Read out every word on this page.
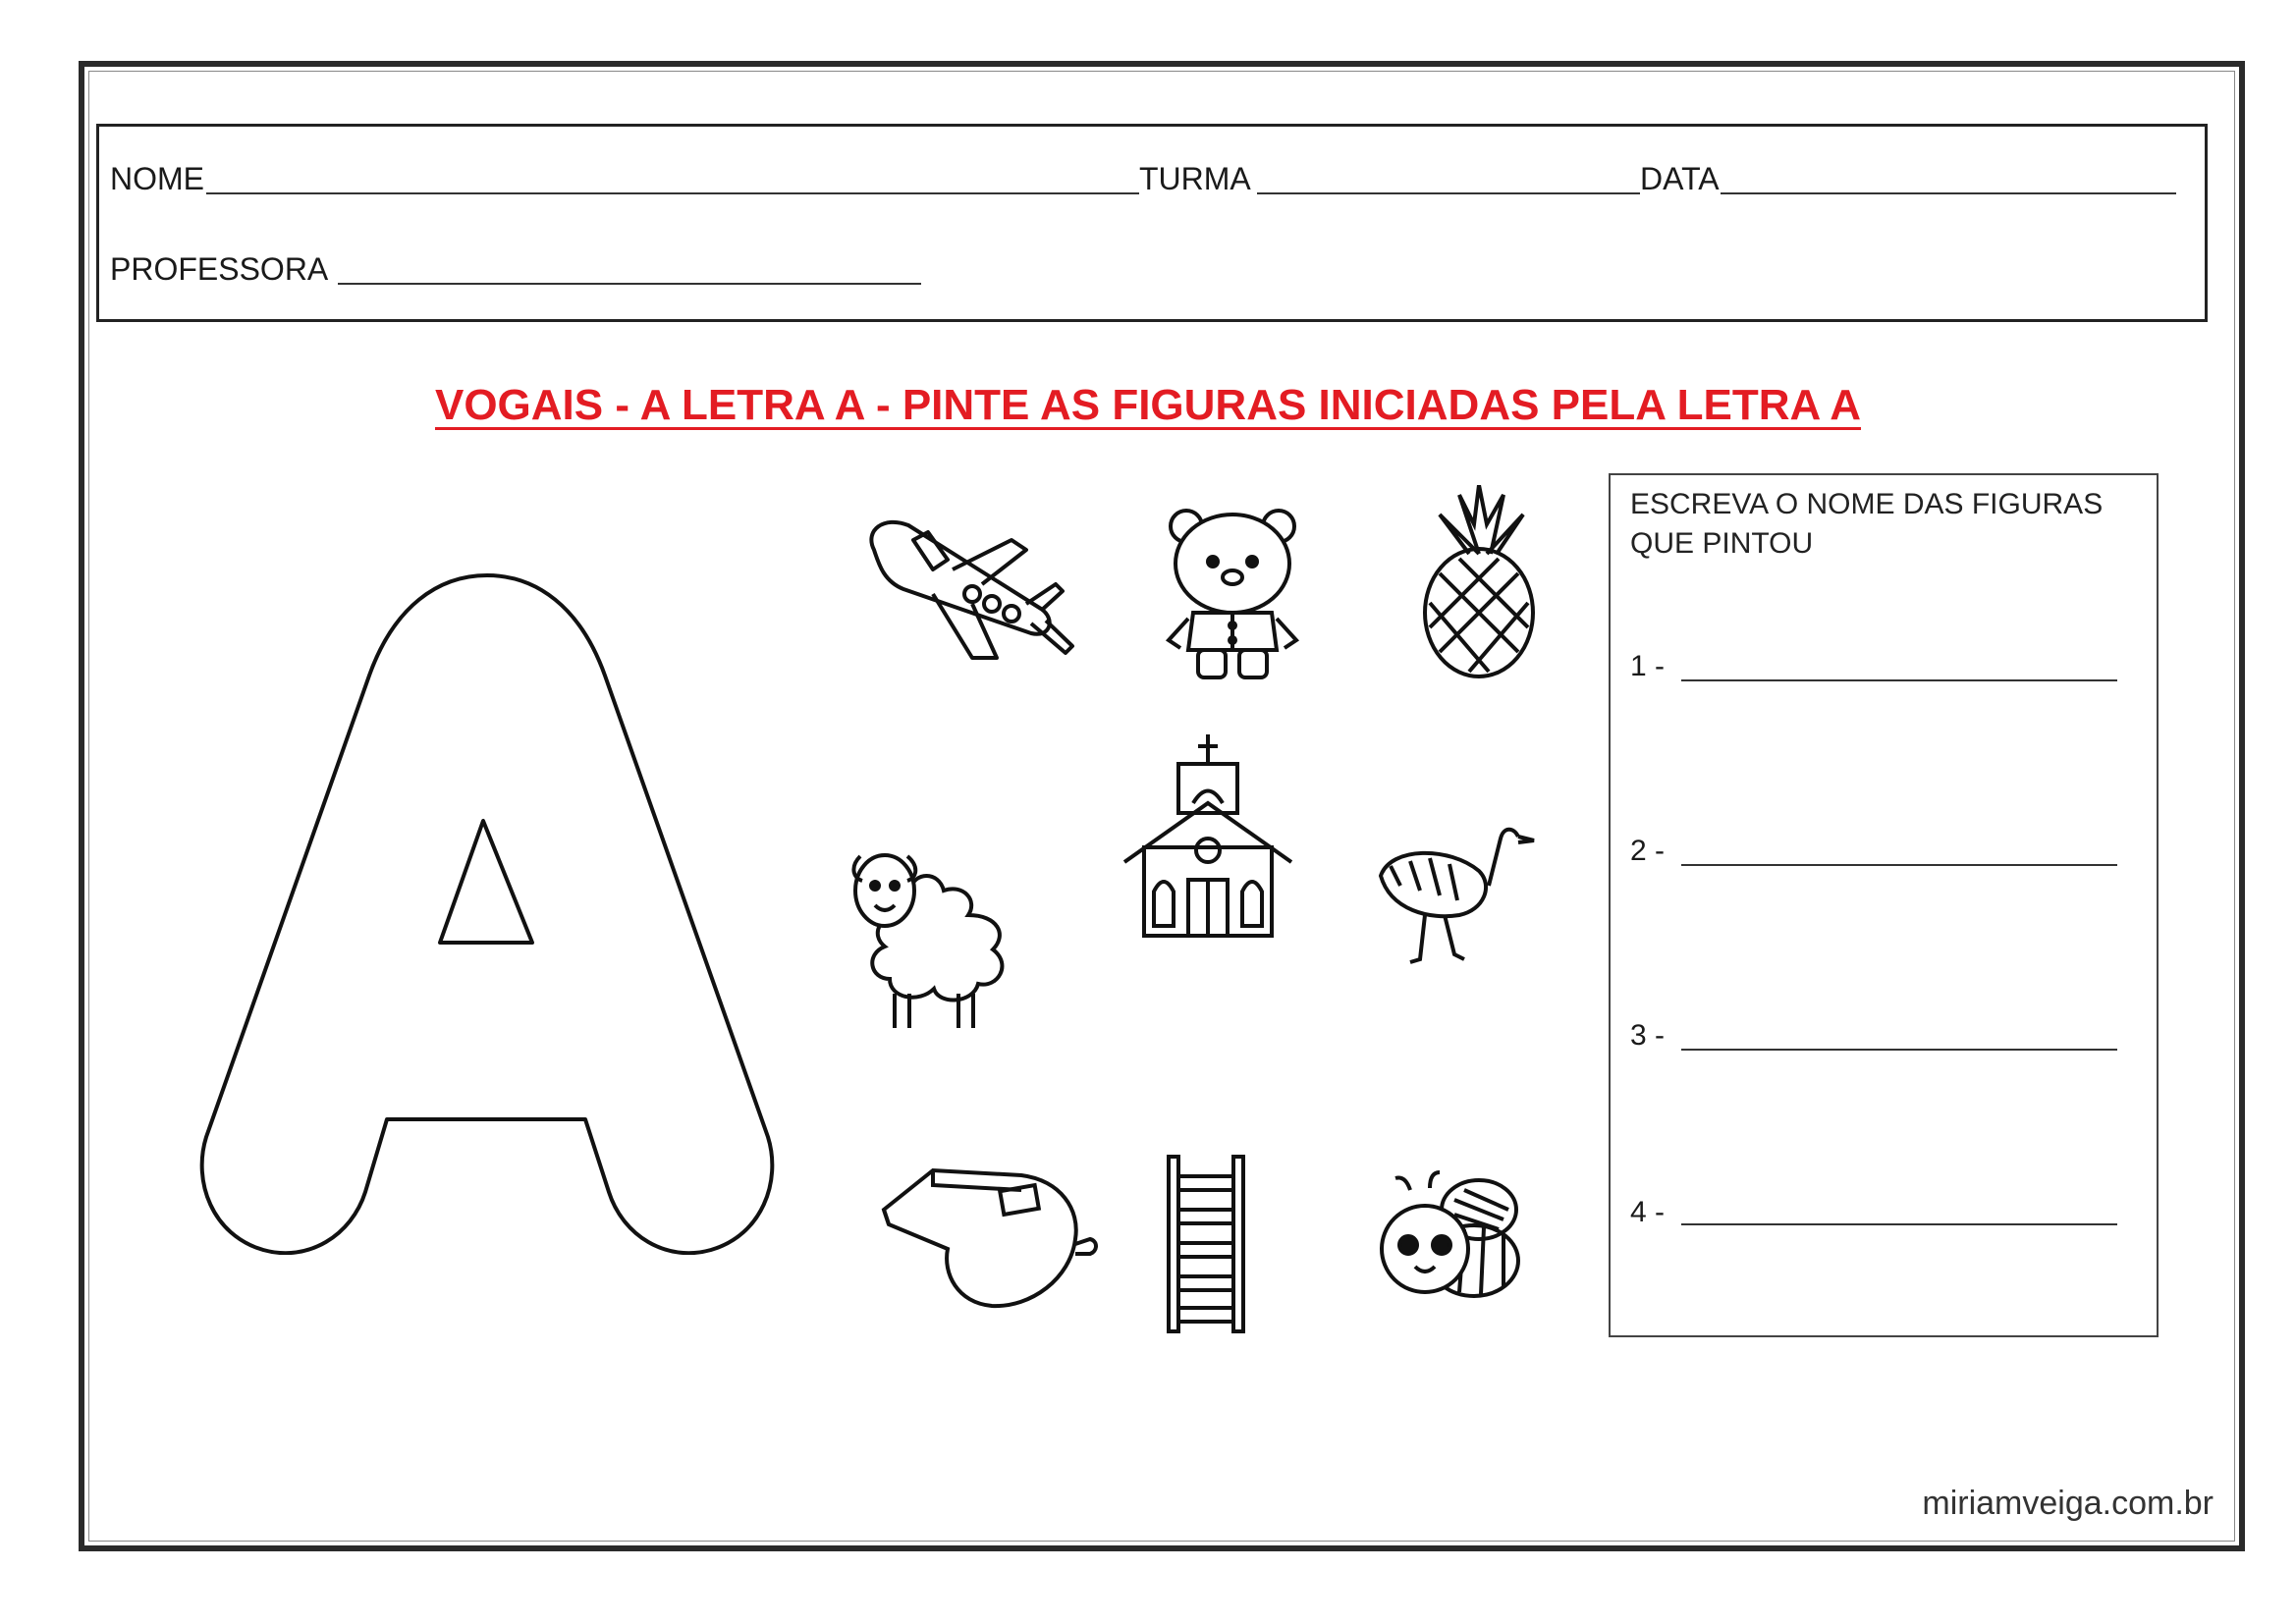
NOME	TURMA	DATA
PROFESSORA
VOGAIS - A LETRA A - PINTE AS FIGURAS INICIADAS PELA LETRA A
ESCREVA O NOME DAS FIGURAS QUE PINTOU
1 -
2 -
3 -
4 -
miriamveiga.com.br
